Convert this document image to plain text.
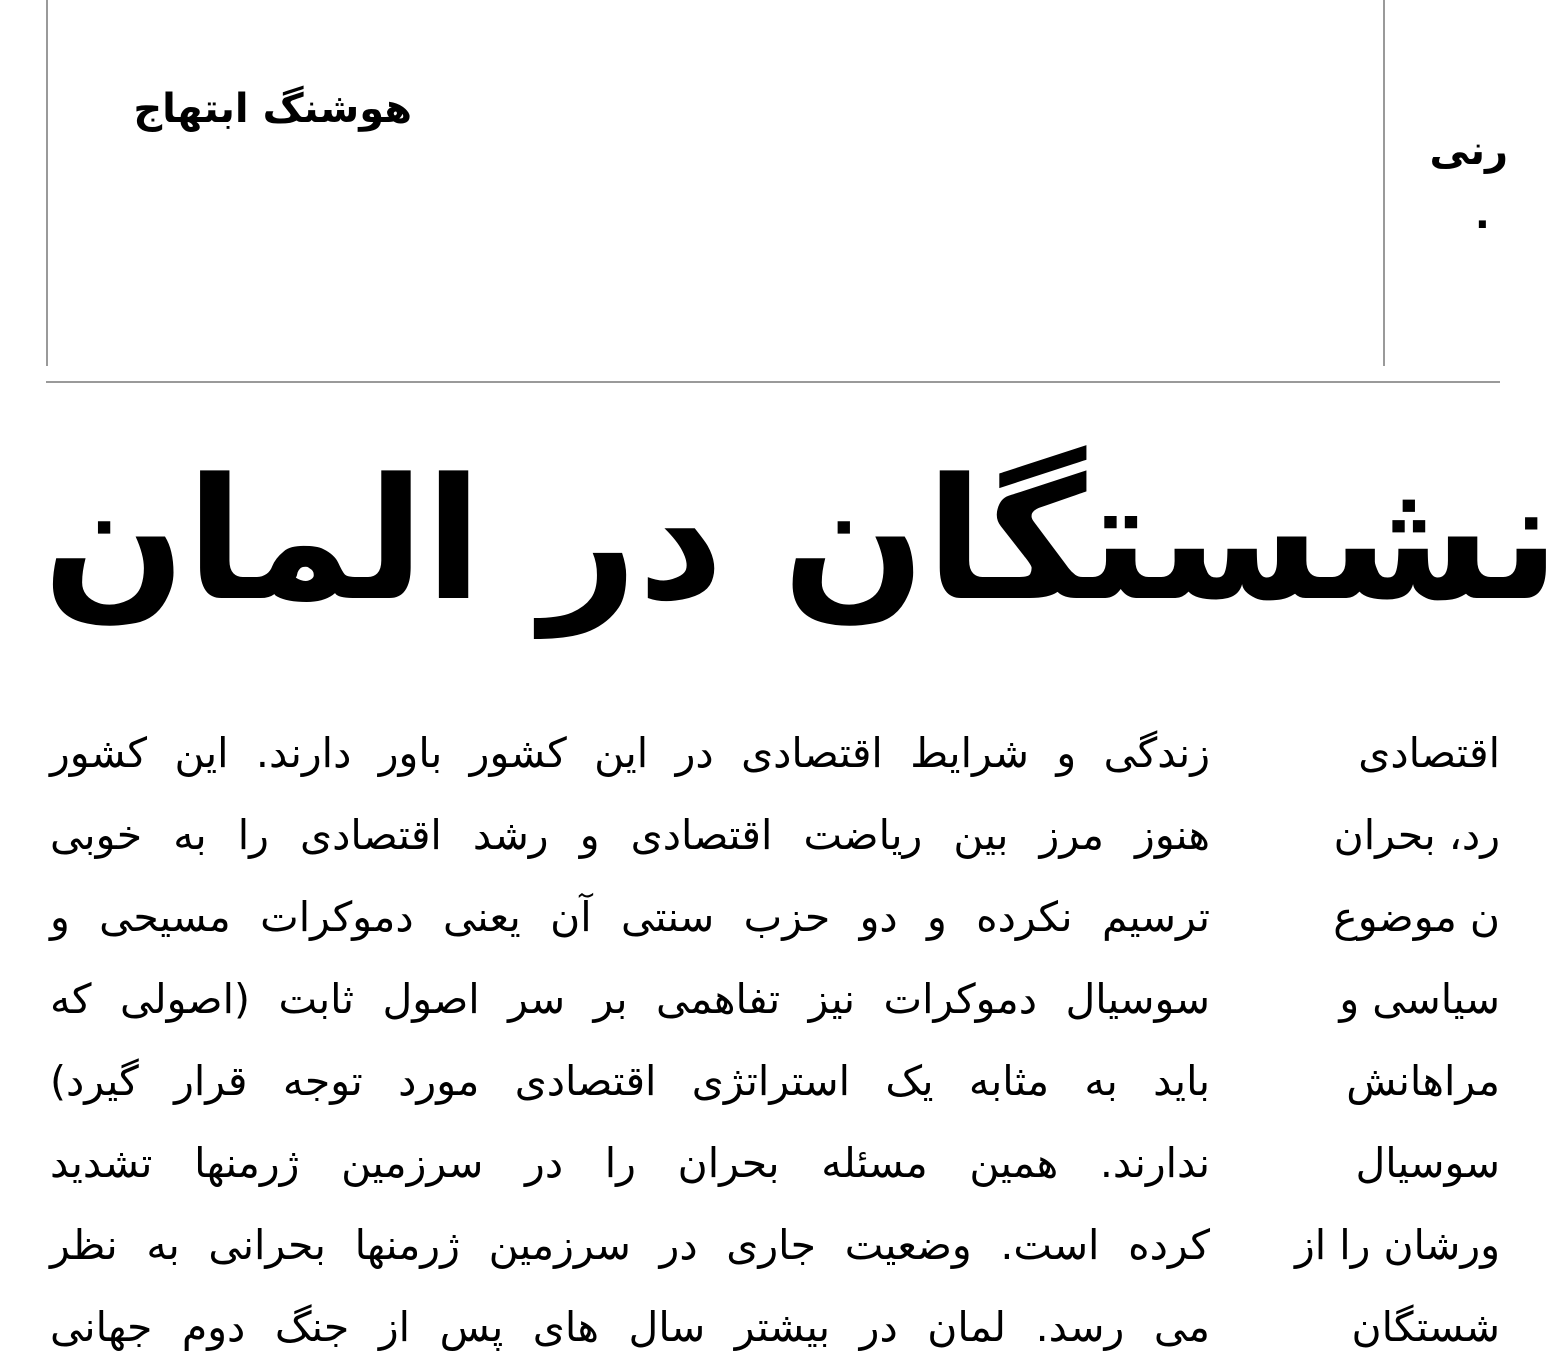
هوشنگ ابتهاج
رنی
.
نشستگان در المان
زندگی و شرایط اقتصادی در این کشور باور دارند. این کشور
هنوز مرز بین ریاضت اقتصادی و رشد اقتصادی را به خوبی
ترسیم نکرده و دو حزب سنتی آن یعنی دموکرات مسیحی و
سوسیال دموکرات نیز تفاهمی بر سر اصول ثابت (اصولی که
باید به مثابه یک استراتژی اقتصادی مورد توجه قرار گیرد)
ندارند. همین مسئله بحران را در سرزمین ژرمنها تشدید
کرده است. وضعیت جاری در سرزمین ژرمنها بحرانی به نظر
می رسد. لمان در بیشتر سال های پس از جنگ دوم جهانی
اقتصادی
رد، بحران
ن موضوع
سیاسی و
مراهانش
سوسیال
ورشان را از
شستگان
